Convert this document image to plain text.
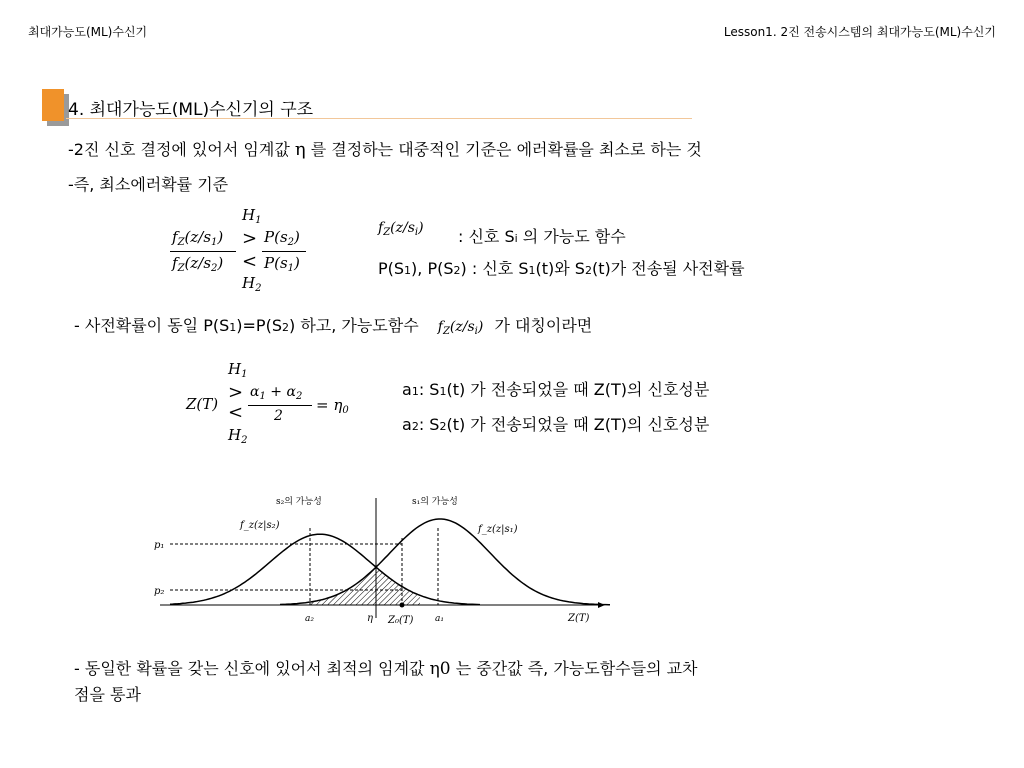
최대가능도(ML)수신기	Lesson1. 2진 전송시스템의 최대가능도(ML)수신기
4. 최대가능도(ML)수신기의 구조
-2진 신호 결정에 있어서 임계값 η 를 결정하는 대중적인 기준은 에러확률을 최소로 하는 것
-즉, 최소에러확률 기준
$H_1$
$f_Z(z/s_1)$
$f_Z(z/s_2)$
>
<
$P(s_2)$
$P(s_1)$
$H_2$
$f_Z(z/s_i)$ : 신호 Si 의 가능도 함수
P(S1), P(S2) : 신호 S1(t)와 S2(t)가 전송될 사전확률
- 사전확률이 동일 P(S1)=P(S2) 하고, 가능도함수 $f_Z(z/s_i)$ 가 대칭이라면
Z(T)
$H_1$
>
<
$H_2$
$\alpha_1 + \alpha_2$
2
= $\eta_0$
a1: S1(t) 가 전송되었을 때 Z(T)의 신호성분
a2: S2(t) 가 전송되었을 때 Z(T)의 신호성분
s₂의 가능성	s₁의 가능성
f_z(z|s₂)	f_z(z|s₁)
p₁
p₂
a₂	η Z₀(T) a₁	Z(T)
- 동일한 확률을 갖는 신호에 있어서 최적의 임계값 η0 는 중간값 즉, 가능도함수들의 교차
점을 통과
